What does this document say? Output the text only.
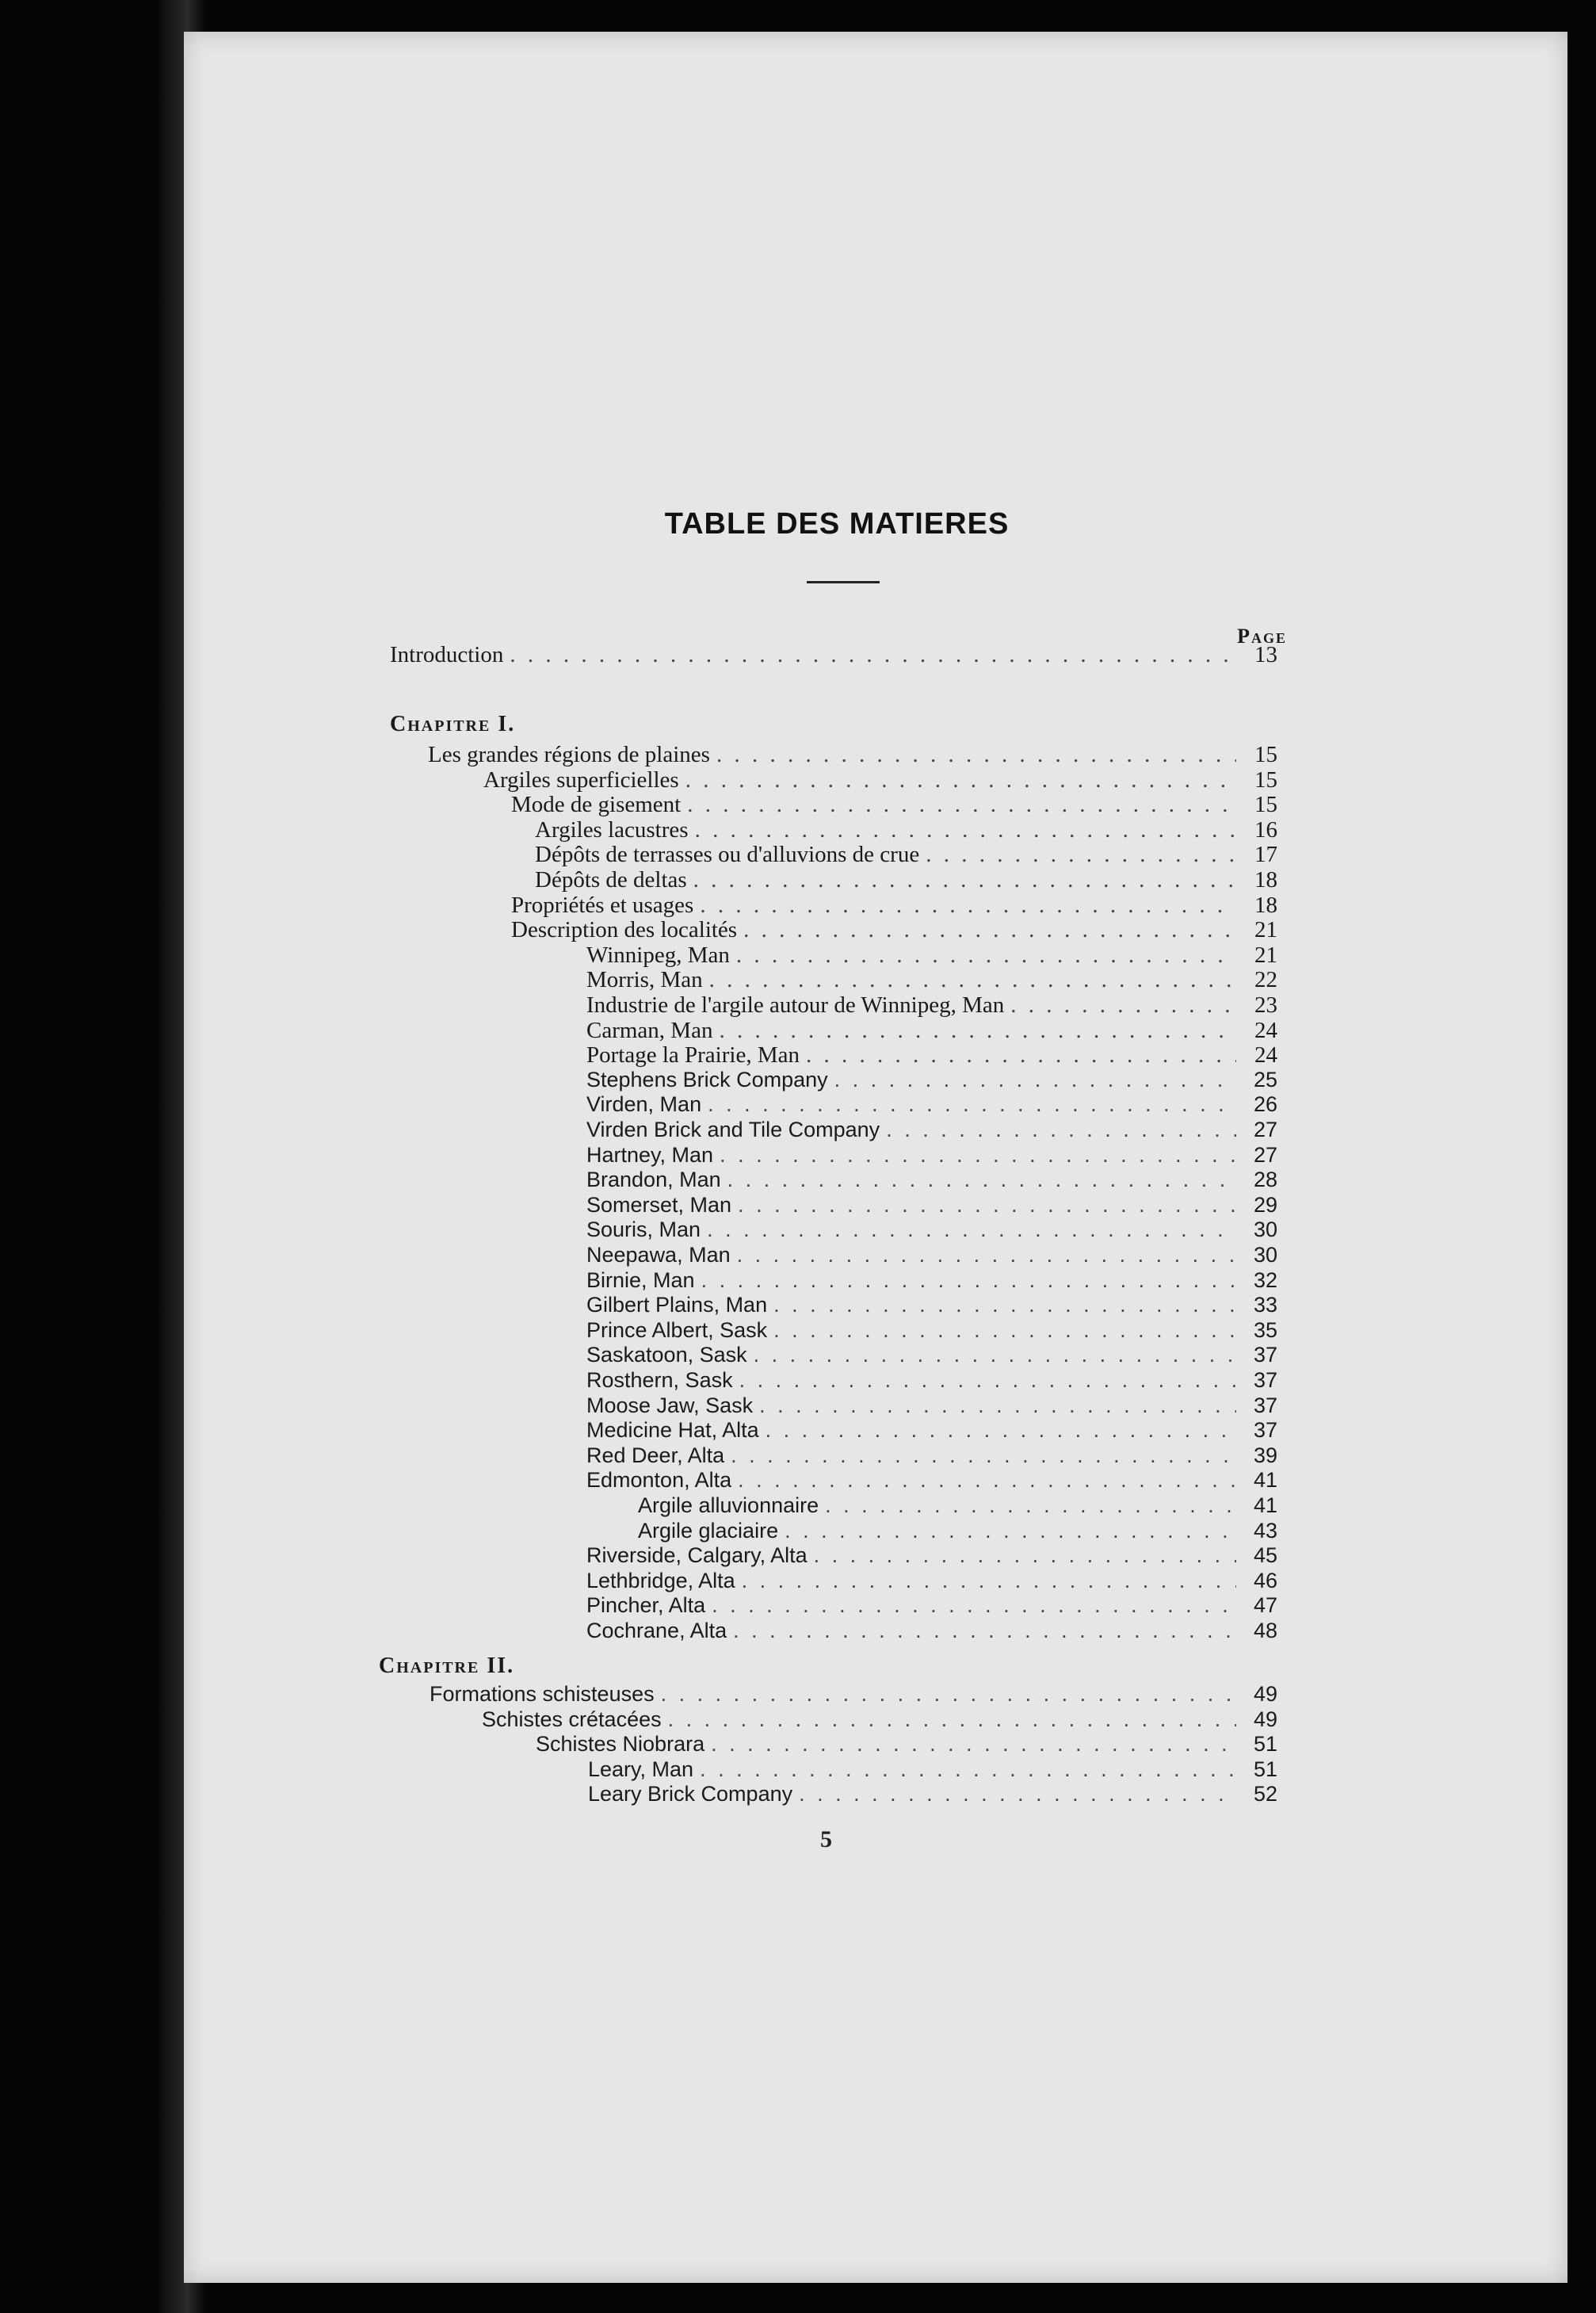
TABLE DES MATIERES
Page
Introduction . . .	13
Chapitre I.
Les grandes régions de plaines . . .	15
Argiles superficielles . . .	15
Mode de gisement . . .	15
Argiles lacustres . . .	16
Dépôts de terrasses ou d'alluvions de crue . . .	17
Dépôts de deltas . . .	18
Propriétés et usages . . .	18
Description des localités . . .	21
Winnipeg, Man . . .	21
Morris, Man . . .	22
Industrie de l'argile autour de Winnipeg, Man . . .	23
Carman, Man . . .	24
Portage la Prairie, Man . . .	24
Stephens Brick Company . . .	25
Virden, Man . . .	26
Virden Brick and Tile Company . . .	27
Hartney, Man . . .	27
Brandon, Man . . .	28
Somerset, Man . . .	29
Souris, Man . . .	30
Neepawa, Man . . .	30
Birnie, Man . . .	32
Gilbert Plains, Man . . .	33
Prince Albert, Sask . . .	35
Saskatoon, Sask . . .	37
Rosthern, Sask . . .	37
Moose Jaw, Sask . . .	37
Medicine Hat, Alta . . .	37
Red Deer, Alta . . .	39
Edmonton, Alta . . .	41
Argile alluvionnaire . . .	41
Argile glaciaire . . .	43
Riverside, Calgary, Alta . . .	45
Lethbridge, Alta . . .	46
Pincher, Alta . . .	47
Cochrane, Alta . . .	48
Chapitre II.
Formations schisteuses . . .	49
Schistes crétacées . . .	49
Schistes Niobrara . . .	51
Leary, Man . . .	51
Leary Brick Company . . .	52
5
